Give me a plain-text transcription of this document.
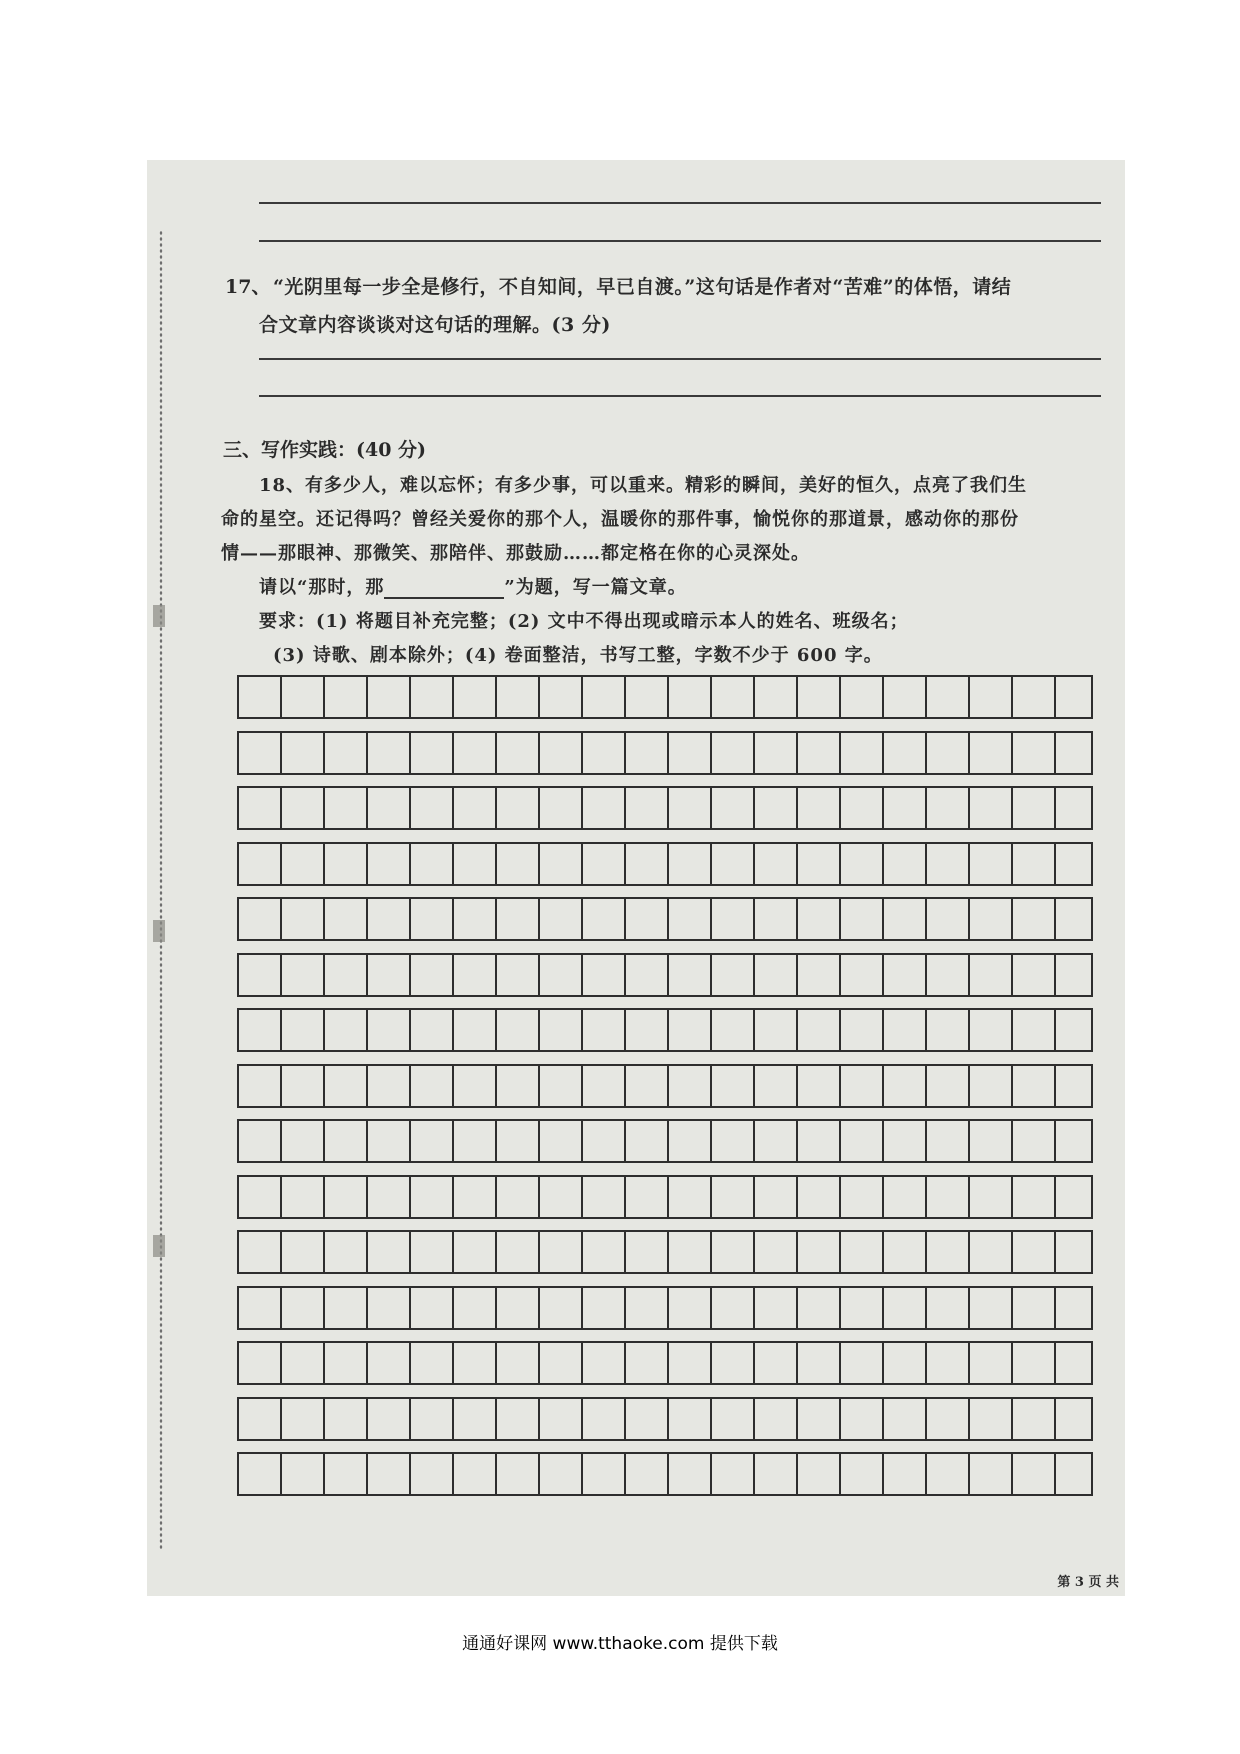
17、 “光阴里每一步全是修行，不自知间，早已自渡。”这句话是作者对“苦难”的体悟，请结
合文章内容谈谈对这句话的理解。(3 分)
三、写作实践：(40 分)
18、有多少人，难以忘怀；有多少事，可以重来。精彩的瞬间，美好的恒久，点亮了我们生
命的星空。还记得吗？曾经关爱你的那个人，温暖你的那件事，愉悦你的那道景，感动你的那份
情——那眼神、那微笑、那陪伴、那鼓励……都定格在你的心灵深处。
请以“那时，那	”为题，写一篇文章。
要求：(1) 将题目补充完整；(2) 文中不得出现或暗示本人的姓名、班级名；
(3) 诗歌、剧本除外；(4) 卷面整洁，书写工整，字数不少于 600 字。
第 3 页 共
通通好课网 www.tthaoke.com 提供下载
